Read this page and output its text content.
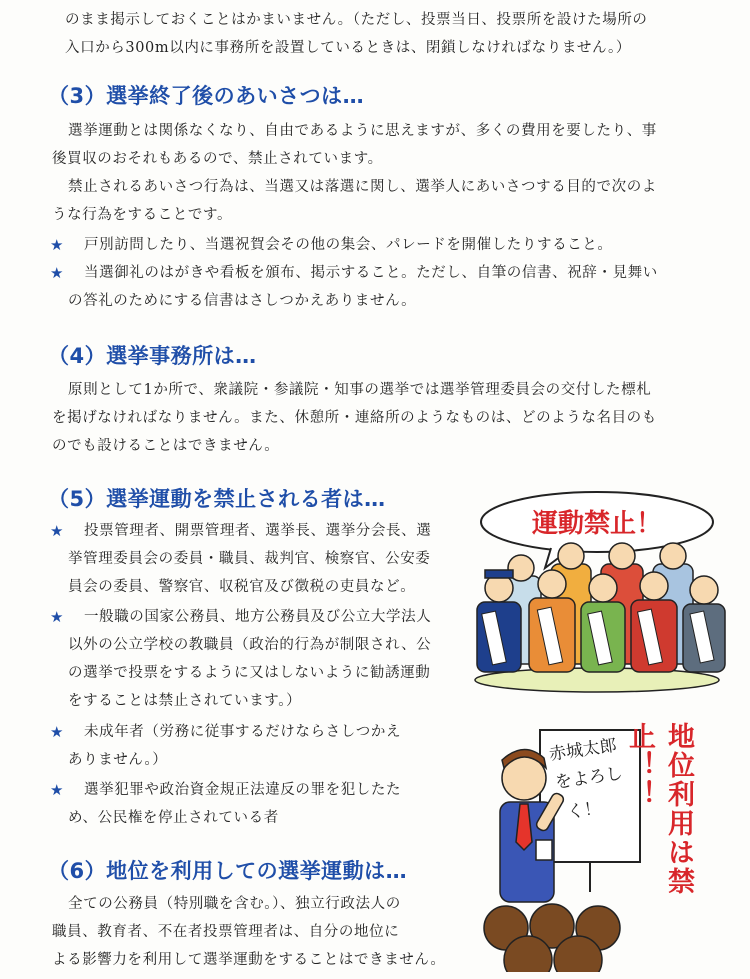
のまま掲示しておくことはかまいません。（ただし、投票当日、投票所を設けた場所の
入口から300m以内に事務所を設置しているときは、閉鎖しなければなりません。）
（3）選挙終了後のあいさつは…
選挙運動とは関係なくなり、自由であるように思えますが、多くの費用を要したり、事
後買収のおそれもあるので、禁止されています。
禁止されるあいさつ行為は、当選又は落選に関し、選挙人にあいさつする目的で次のよ
うな行為をすることです。
★ 戸別訪問したり、当選祝賀会その他の集会、パレードを開催したりすること。
★ 当選御礼のはがきや看板を頒布、掲示すること。ただし、自筆の信書、祝辞・見舞い
の答礼のためにする信書はさしつかえありません。
（4）選挙事務所は…
原則として1か所で、衆議院・参議院・知事の選挙では選挙管理委員会の交付した標札
を掲げなければなりません。また、休憩所・連絡所のようなものは、どのような名目のも
のでも設けることはできません。
（5）選挙運動を禁止される者は…
★ 投票管理者、開票管理者、選挙長、選挙分会長、選
挙管理委員会の委員・職員、裁判官、検察官、公安委
員会の委員、警察官、収税官及び徴税の吏員など。
★ 一般職の国家公務員、地方公務員及び公立大学法人
以外の公立学校の教職員（政治的行為が制限され、公
の選挙で投票をするように又はしないように勧誘運動
をすることは禁止されています。）
★ 未成年者（労務に従事するだけならさしつかえ
ありません。）
★ 選挙犯罪や政治資金規正法違反の罪を犯したた
め、公民権を停止されている者
（6）地位を利用しての選挙運動は…
全ての公務員（特別職を含む。）、独立行政法人の
職員、教育者、不在者投票管理者は、自分の地位に
よる影響力を利用して選挙運動をすることはできません。
運動禁止！
赤城太郎
をよろし
く！	地位利用は禁止！！
